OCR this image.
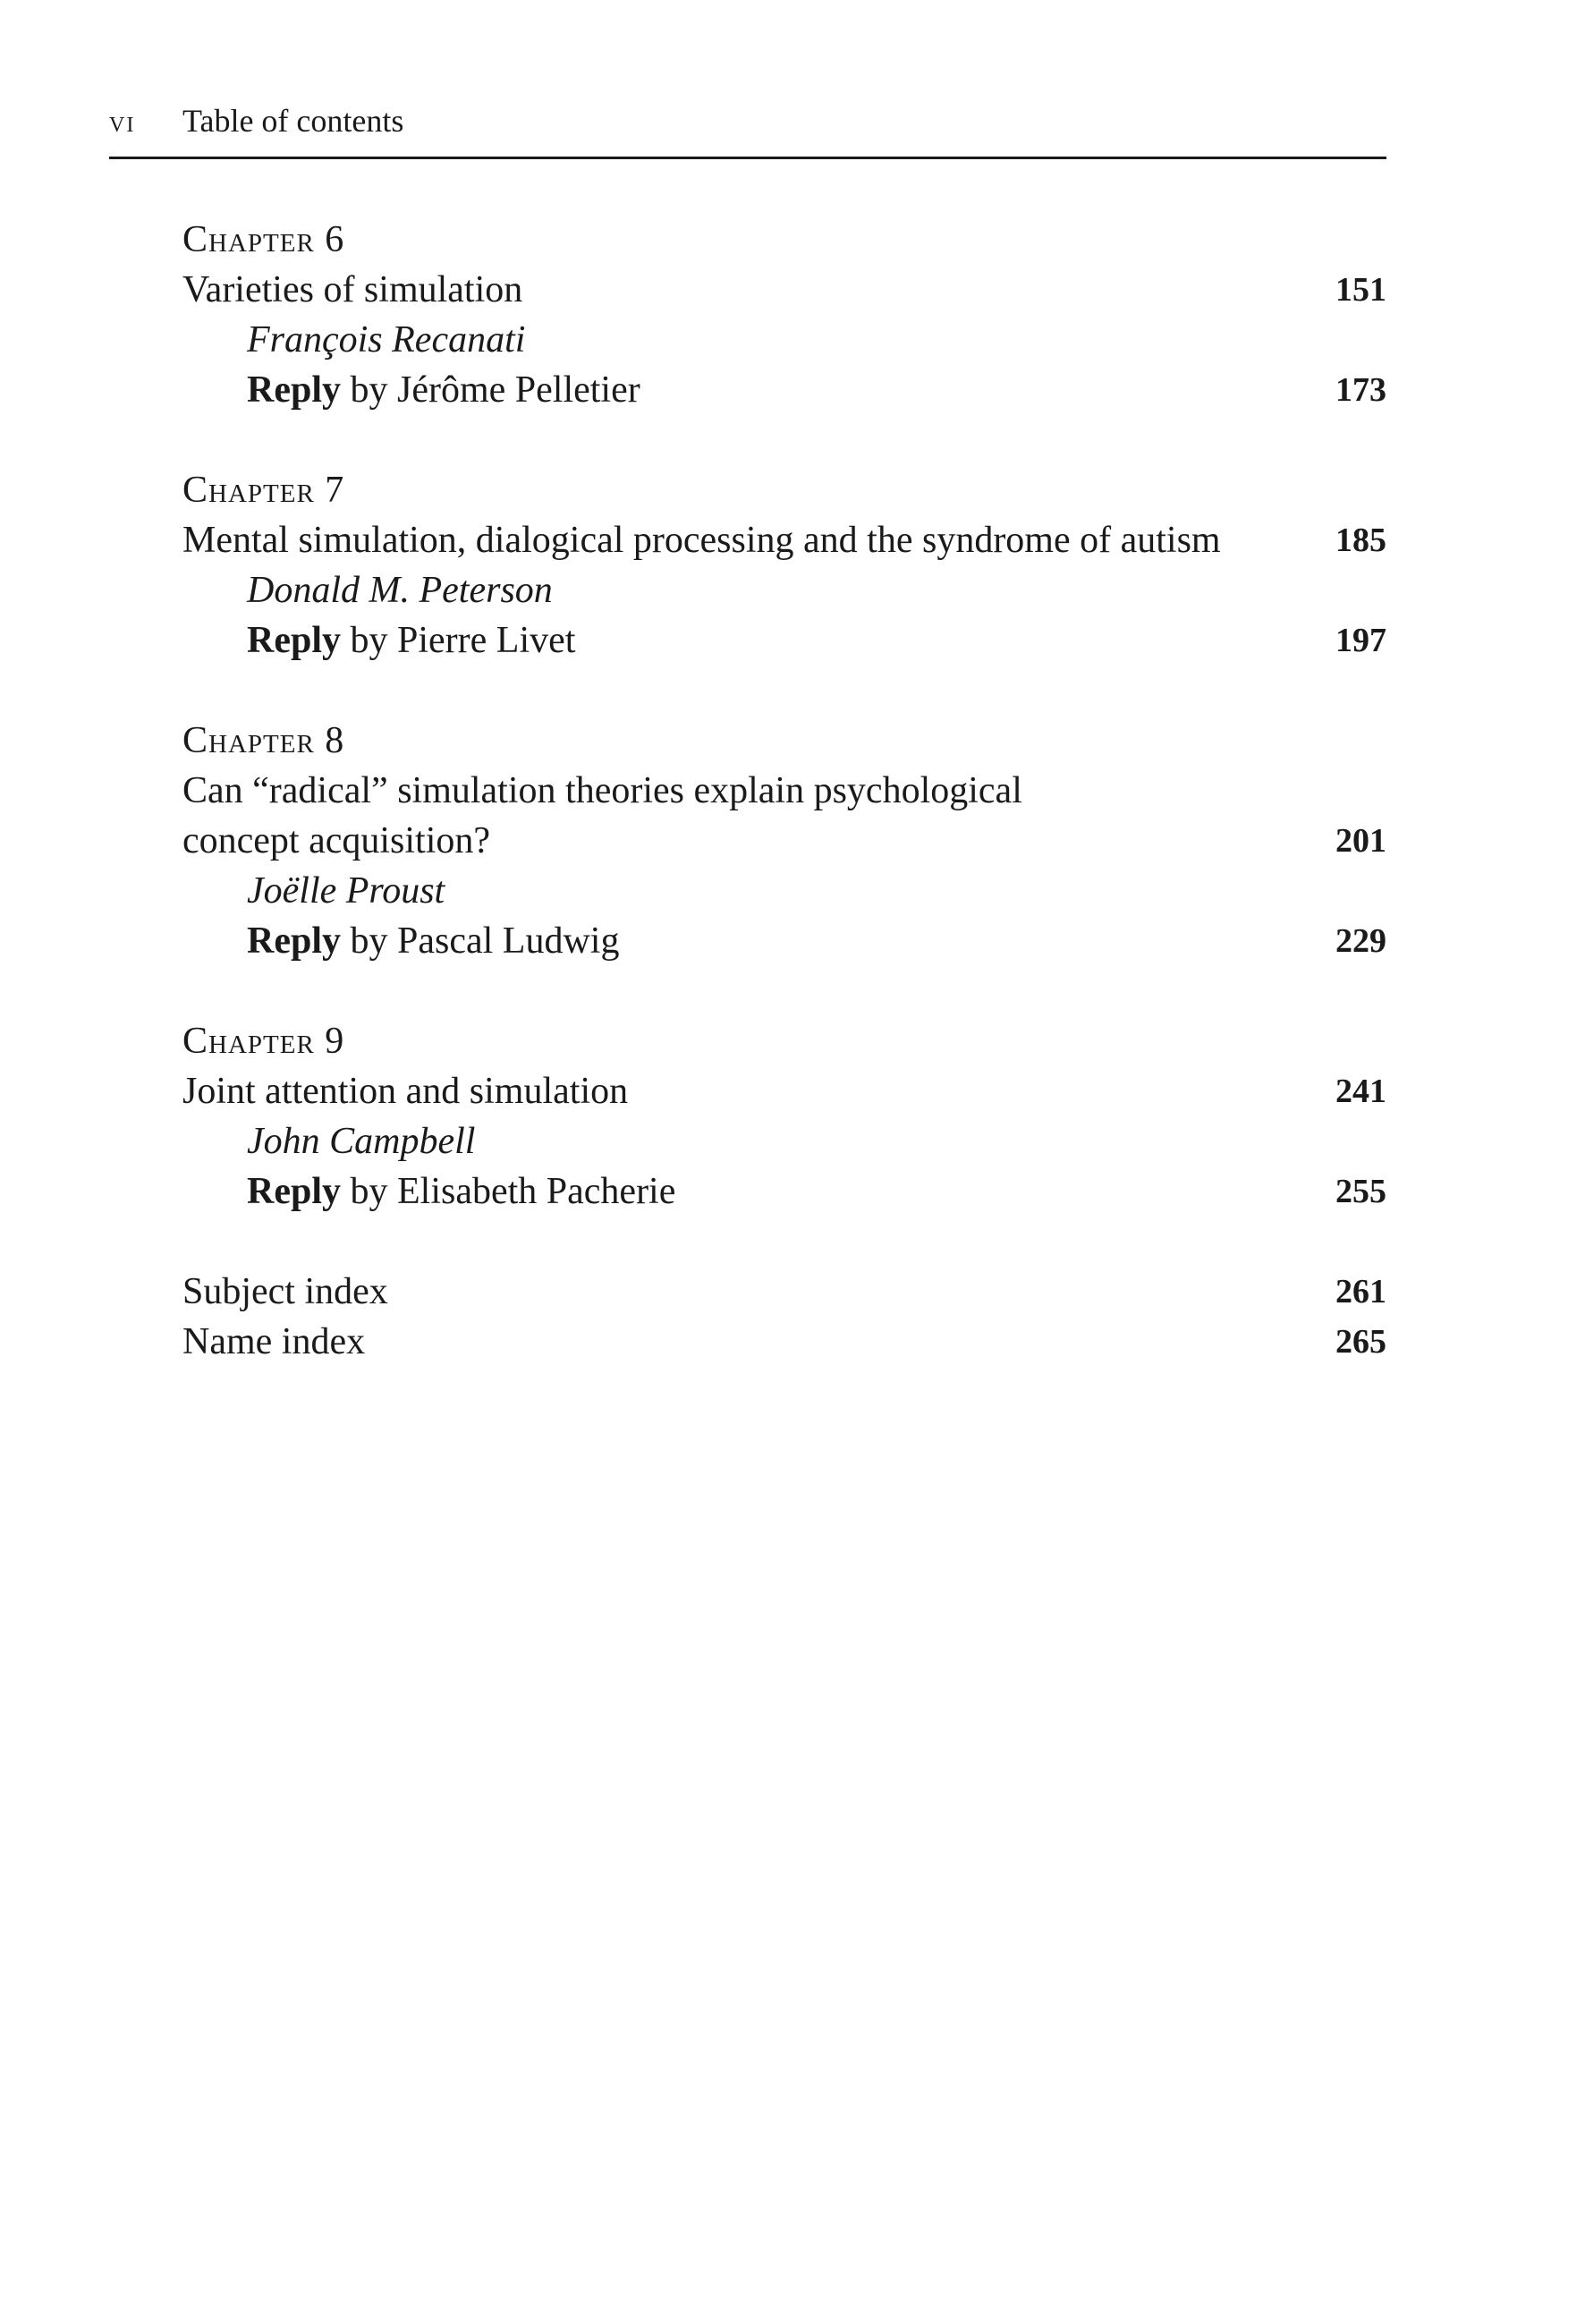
vi Table of contents
Chapter 6
Varieties of simulation	151
François Recanati
Reply by Jérôme Pelletier	173
Chapter 7
Mental simulation, dialogical processing and the syndrome of autism	185
Donald M. Peterson
Reply by Pierre Livet	197
Chapter 8
Can “radical” simulation theories explain psychological
concept acquisition?	201
Joëlle Proust
Reply by Pascal Ludwig	229
Chapter 9
Joint attention and simulation	241
John Campbell
Reply by Elisabeth Pacherie	255
Subject index	261
Name index	265
